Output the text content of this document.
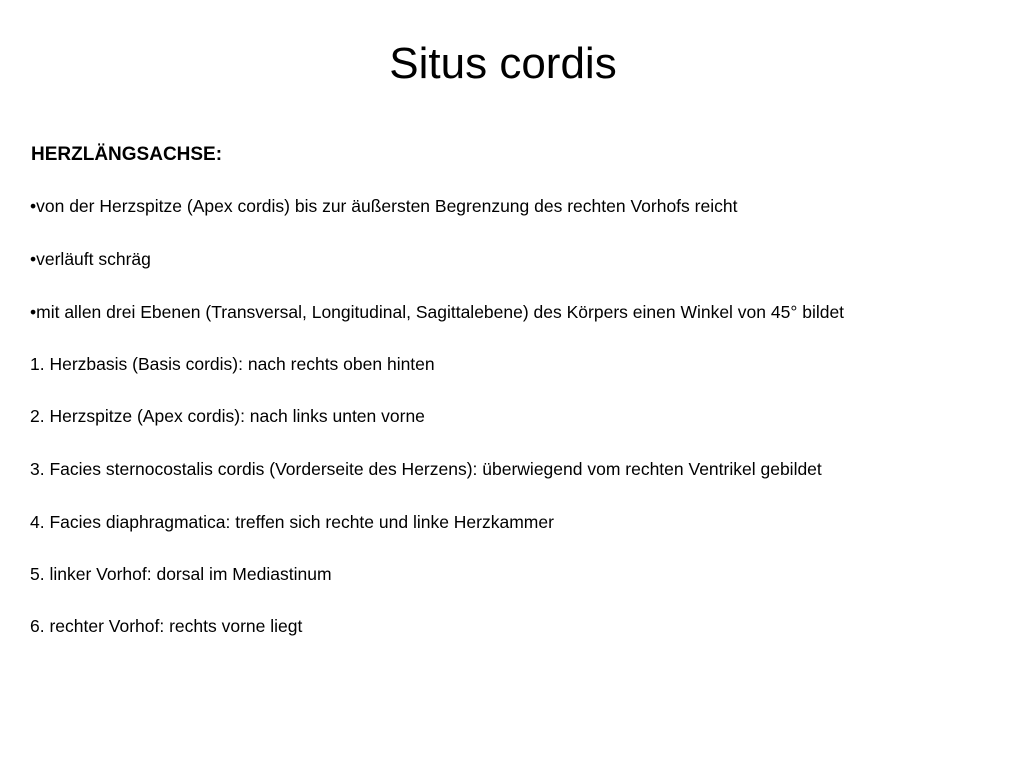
Situs cordis
HERZLÄNGSACHSE:
•von der Herzspitze (Apex cordis) bis zur äußersten Begrenzung des rechten Vorhofs reicht
•verläuft schräg
•mit allen drei Ebenen (Transversal, Longitudinal, Sagittalebene) des Körpers einen Winkel von 45° bildet
1. Herzbasis (Basis cordis): nach rechts oben hinten
2. Herzspitze (Apex cordis): nach links unten vorne
3. Facies sternocostalis cordis (Vorderseite des Herzens): überwiegend vom rechten Ventrikel gebildet
4. Facies diaphragmatica: treffen sich rechte und linke Herzkammer
5. linker Vorhof: dorsal im Mediastinum
6. rechter Vorhof: rechts vorne liegt
